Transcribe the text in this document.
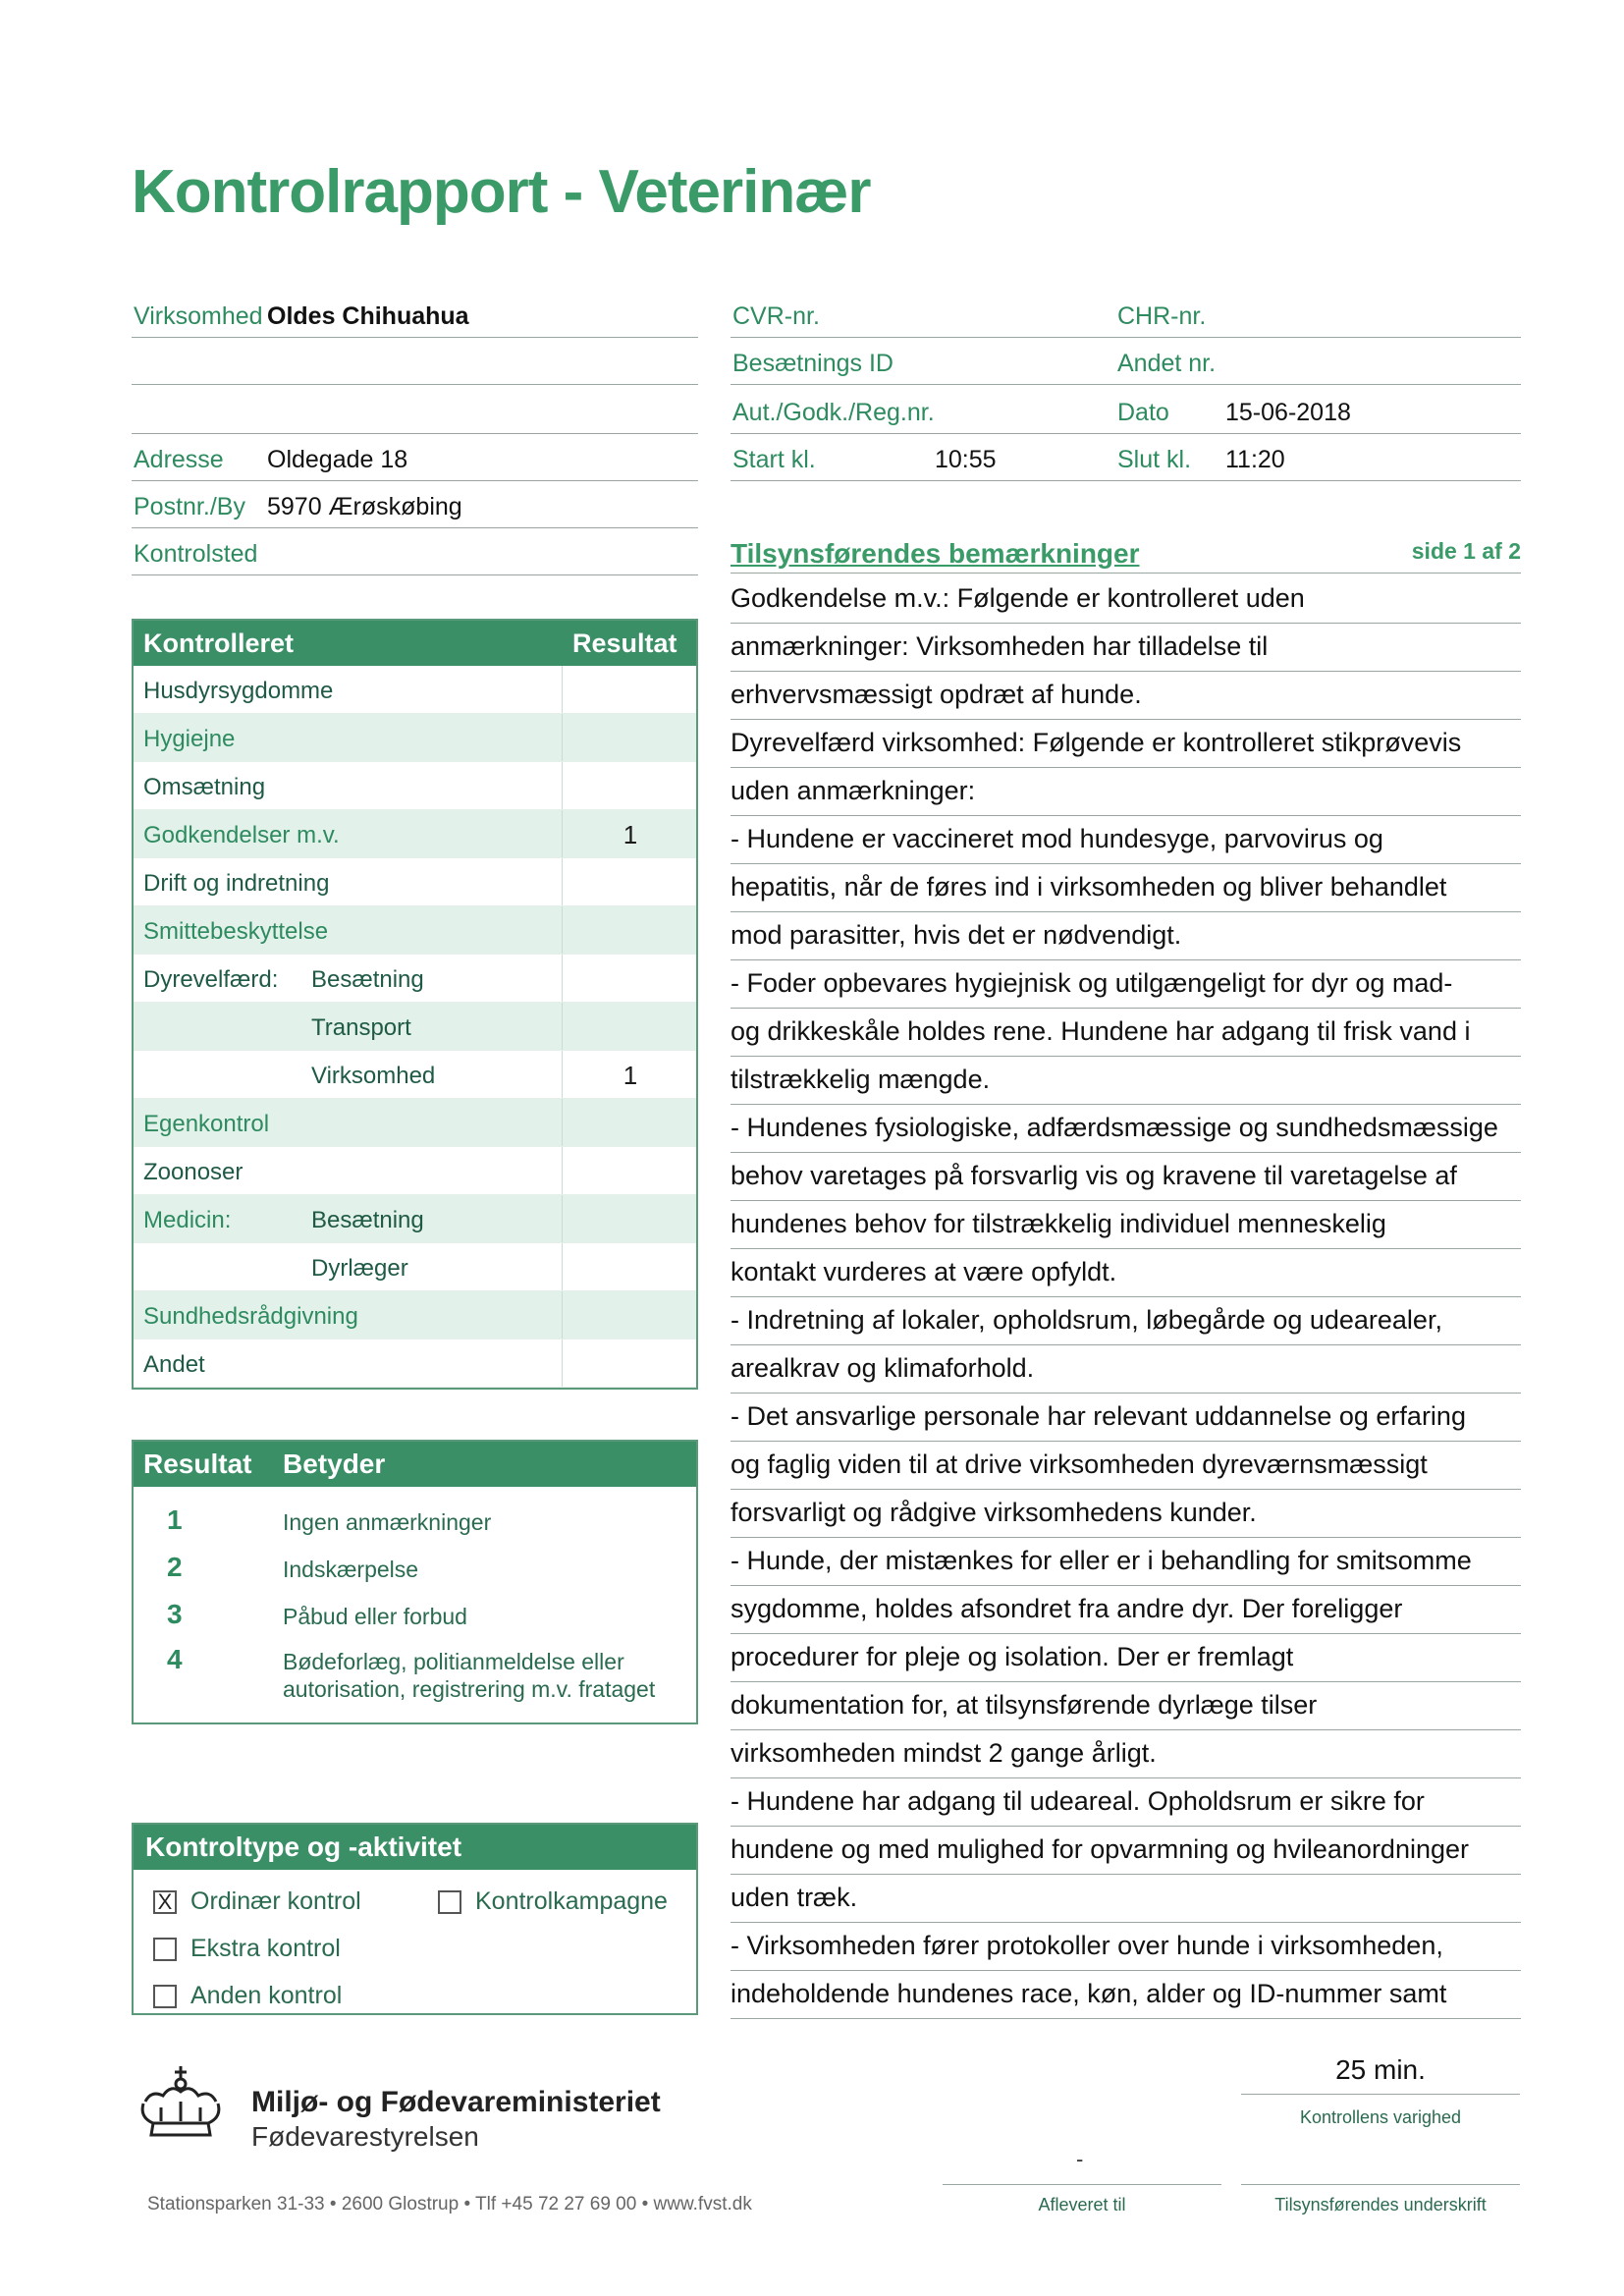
Kontrolrapport - Veterinær
Virksomhed Oldes Chihuahua
Adresse Oldegade 18
Postnr./By 5970 Ærøskøbing
Kontrolsted
CVR-nr.	CHR-nr.
Besætnings ID	Andet nr.
Aut./Godk./Reg.nr.	Dato 15-06-2018
Start kl.	10:55	Slut kl. 11:20
Kontrolleret	Resultat
Husdyrsygdomme
Hygiejne
Omsætning
Godkendelser m.v.	1
Drift og indretning
Smittebeskyttelse
Dyrevelfærd: Besætning
Transport
Virksomhed	1
Egenkontrol
Zoonoser
Medicin:	Besætning
Dyrlæger
Sundhedsrådgivning
Andet
Resultat Betyder
1	Ingen anmærkninger
2	Indskærpelse
3	Påbud eller forbud
4	Bødeforlæg, politianmeldelse eller autorisation, registrering m.v. frataget
Kontroltype og -aktivitet
X Ordinær kontrol	Kontrolkampagne
Ekstra kontrol
Anden kontrol
Tilsynsførendes bemærkninger	side 1 af 2
Godkendelse m.v.: Følgende er kontrolleret uden
anmærkninger: Virksomheden har tilladelse til
erhvervsmæssigt opdræt af hunde.
Dyrevelfærd virksomhed: Følgende er kontrolleret stikprøvevis
uden anmærkninger:
- Hundene er vaccineret mod hundesyge, parvovirus og
hepatitis, når de føres ind i virksomheden og bliver behandlet
mod parasitter, hvis det er nødvendigt.
- Foder opbevares hygiejnisk og utilgængeligt for dyr og mad-
og drikkeskåle holdes rene. Hundene har adgang til frisk vand i
tilstrækkelig mængde.
- Hundenes fysiologiske, adfærdsmæssige og sundhedsmæssige
behov varetages på forsvarlig vis og kravene til varetagelse af
hundenes behov for tilstrækkelig individuel menneskelig
kontakt vurderes at være opfyldt.
- Indretning af lokaler, opholdsrum, løbegårde og udearealer,
arealkrav og klimaforhold.
- Det ansvarlige personale har relevant uddannelse og erfaring
og faglig viden til at drive virksomheden dyreværnsmæssigt
forsvarligt og rådgive virksomhedens kunder.
- Hunde, der mistænkes for eller er i behandling for smitsomme
sygdomme, holdes afsondret fra andre dyr. Der foreligger
procedurer for pleje og isolation. Der er fremlagt
dokumentation for, at tilsynsførende dyrlæge tilser
virksomheden mindst 2 gange årligt.
- Hundene har adgang til udeareal. Opholdsrum er sikre for
hundene og med mulighed for opvarmning og hvileanordninger
uden træk.
- Virksomheden fører protokoller over hunde i virksomheden,
indeholdende hundenes race, køn, alder og ID-nummer samt
Miljø- og Fødevareministeriet
Fødevarestyrelsen
Stationsparken 31-33 • 2600 Glostrup • Tlf +45 72 27 69 00 • www.fvst.dk
25 min.
Kontrollens varighed
-
Afleveret til	Tilsynsførendes underskrift
